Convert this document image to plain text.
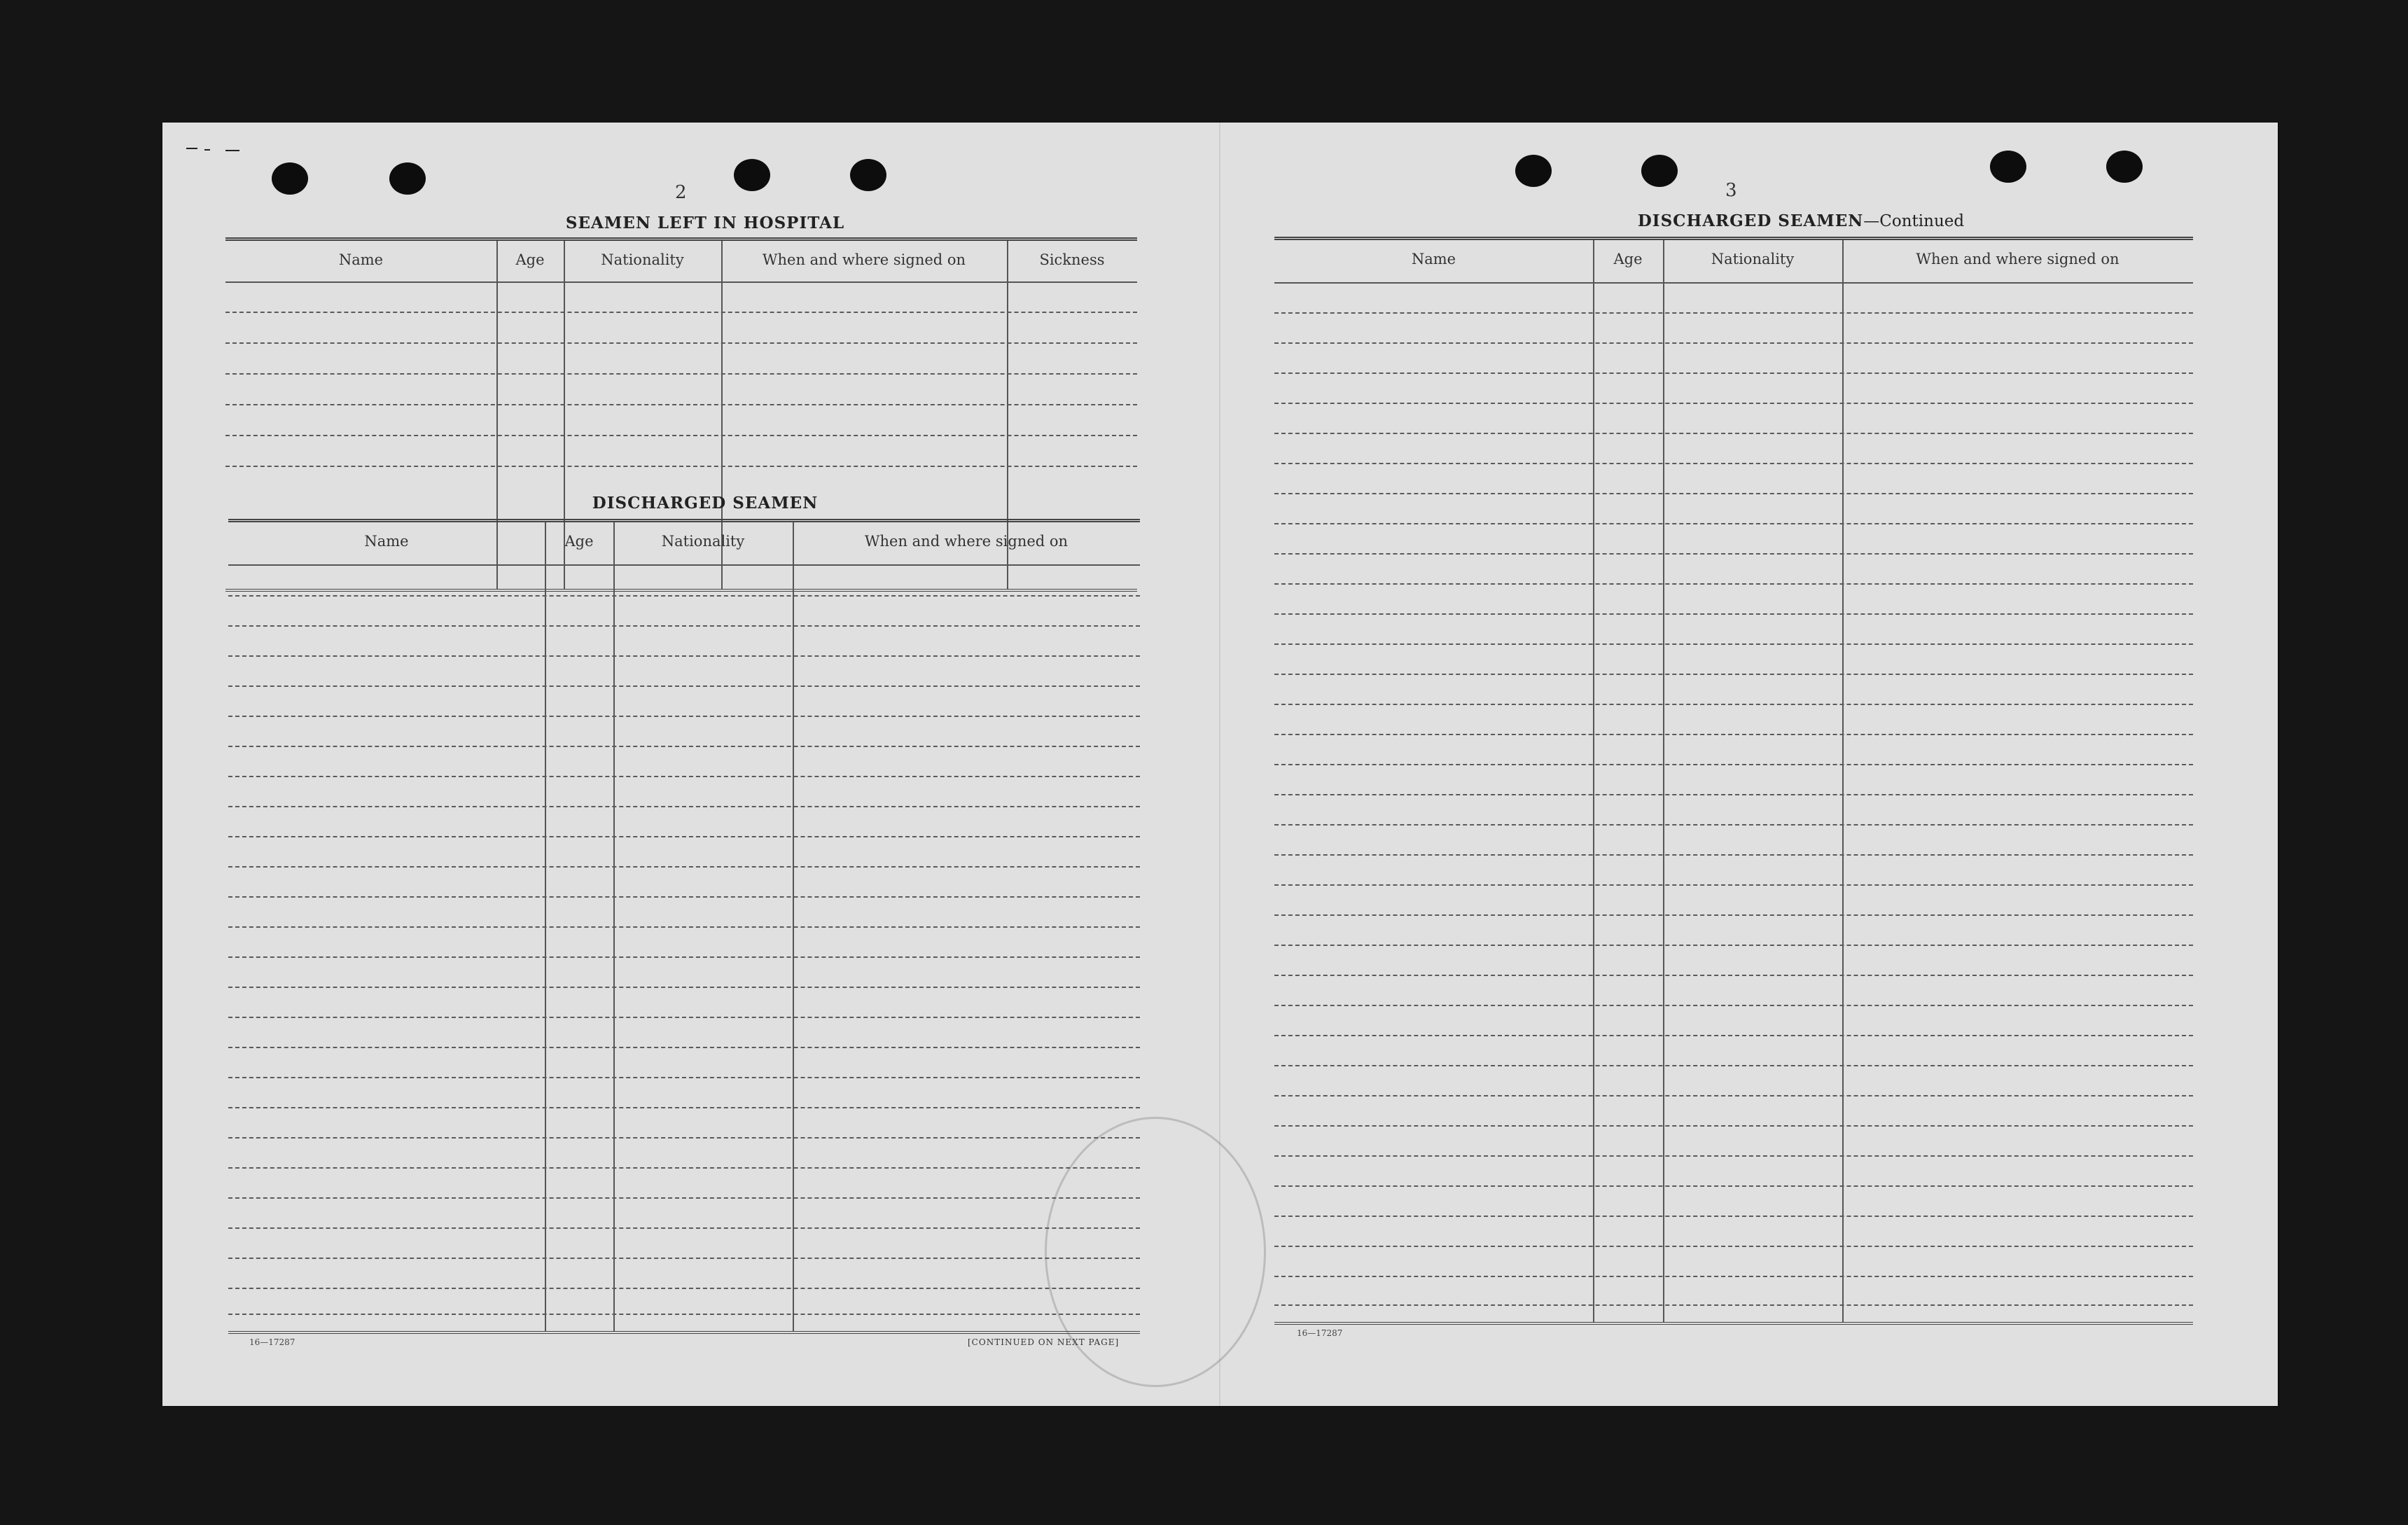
2
SEAMEN LEFT IN HOSPITAL
Name	Age	Nationality	When and where signed on	Sickness
DISCHARGED SEAMEN
Name	Age	Nationality	When and where signed on
16—17287	[CONTINUED ON NEXT PAGE]
3
DISCHARGED SEAMEN—Continued
Name	Age	Nationality	When and where signed on
16—17287
